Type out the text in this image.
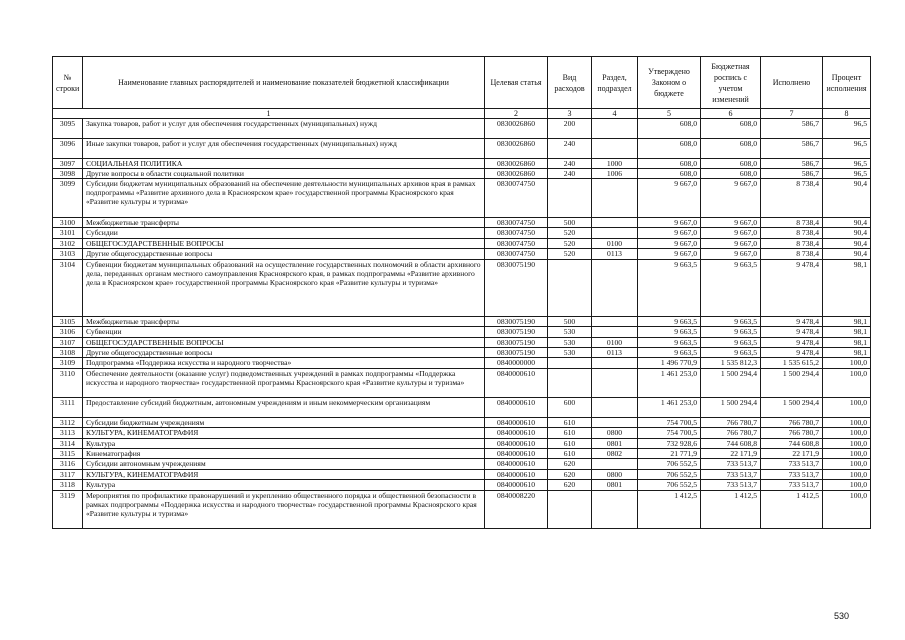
№ строки	Наименование главных распорядителей и наименование показателей бюджетной классификации	Целевая статья	Вид расходов	Раздел, подраздел	Утверждено Законом о бюджете	Бюджетная роспись с учетом изменений	Исполнено	Процент исполнения
1		2	3	4	5	6	7	8
3095	Закупка товаров, работ и услуг для обеспечения государственных (муниципальных) нужд	0830026860	200		608,0	608,0	586,7	96,5
3096	Иные закупки товаров, работ и услуг для обеспечения государственных (муниципальных) нужд	0830026860	240		608,0	608,0	586,7	96,5
3097	СОЦИАЛЬНАЯ ПОЛИТИКА	0830026860	240	1000	608,0	608,0	586,7	96,5
3098	Другие вопросы в области социальной политики	0830026860	240	1006	608,0	608,0	586,7	96,5
3099	Субсидии бюджетам муниципальных образований на обеспечение деятельности муниципальных архивов края в рамках подпрограммы «Развитие архивного дела в Красноярском крае» государственной программы Красноярского края «Развитие культуры и туризма»	0830074750			9 667,0	9 667,0	8 738,4	90,4
3100	Межбюджетные трансферты	0830074750	500		9 667,0	9 667,0	8 738,4	90,4
3101	Субсидии	0830074750	520		9 667,0	9 667,0	8 738,4	90,4
3102	ОБЩЕГОСУДАРСТВЕННЫЕ ВОПРОСЫ	0830074750	520	0100	9 667,0	9 667,0	8 738,4	90,4
3103	Другие общегосударственные вопросы	0830074750	520	0113	9 667,0	9 667,0	8 738,4	90,4
3104	Субвенции бюджетам муниципальных образований на осуществление государственных полномочий в области архивного дела, переданных органам местного самоуправления Красноярского края, в рамках подпрограммы «Развитие архивного дела в Красноярском крае» государственной программы Красноярского края «Развитие культуры и туризма»	0830075190			9 663,5	9 663,5	9 478,4	98,1
3105	Межбюджетные трансферты	0830075190	500		9 663,5	9 663,5	9 478,4	98,1
3106	Субвенции	0830075190	530		9 663,5	9 663,5	9 478,4	98,1
3107	ОБЩЕГОСУДАРСТВЕННЫЕ ВОПРОСЫ	0830075190	530	0100	9 663,5	9 663,5	9 478,4	98,1
3108	Другие общегосударственные вопросы	0830075190	530	0113	9 663,5	9 663,5	9 478,4	98,1
3109	Подпрограмма «Поддержка искусства и народного творчества»	0840000000			1 496 770,9	1 535 812,3	1 535 615,2	100,0
3110	Обеспечение деятельности (оказание услуг) подведомственных учреждений в рамках подпрограммы «Поддержка искусства и народного творчества» государственной программы Красноярского края «Развитие культуры и туризма»	0840000610			1 461 253,0	1 500 294,4	1 500 294,4	100,0
3111	Предоставление субсидий бюджетным, автономным учреждениям и иным некоммерческим организациям	0840000610	600		1 461 253,0	1 500 294,4	1 500 294,4	100,0
3112	Субсидии бюджетным учреждениям	0840000610	610		754 700,5	766 780,7	766 780,7	100,0
3113	КУЛЬТУРА, КИНЕМАТОГРАФИЯ	0840000610	610	0800	754 700,5	766 780,7	766 780,7	100,0
3114	Культура	0840000610	610	0801	732 928,6	744 608,8	744 608,8	100,0
3115	Кинематография	0840000610	610	0802	21 771,9	22 171,9	22 171,9	100,0
3116	Субсидии автономным учреждениям	0840000610	620		706 552,5	733 513,7	733 513,7	100,0
3117	КУЛЬТУРА, КИНЕМАТОГРАФИЯ	0840000610	620	0800	706 552,5	733 513,7	733 513,7	100,0
3118	Культура	0840000610	620	0801	706 552,5	733 513,7	733 513,7	100,0
3119	Мероприятия по профилактике правонарушений и укреплению общественного порядка и общественной безопасности в рамках подпрограммы «Поддержка искусства и народного творчества» государственной программы Красноярского края «Развитие культуры и туризма»	0840008220			1 412,5	1 412,5	1 412,5	100,0
530
